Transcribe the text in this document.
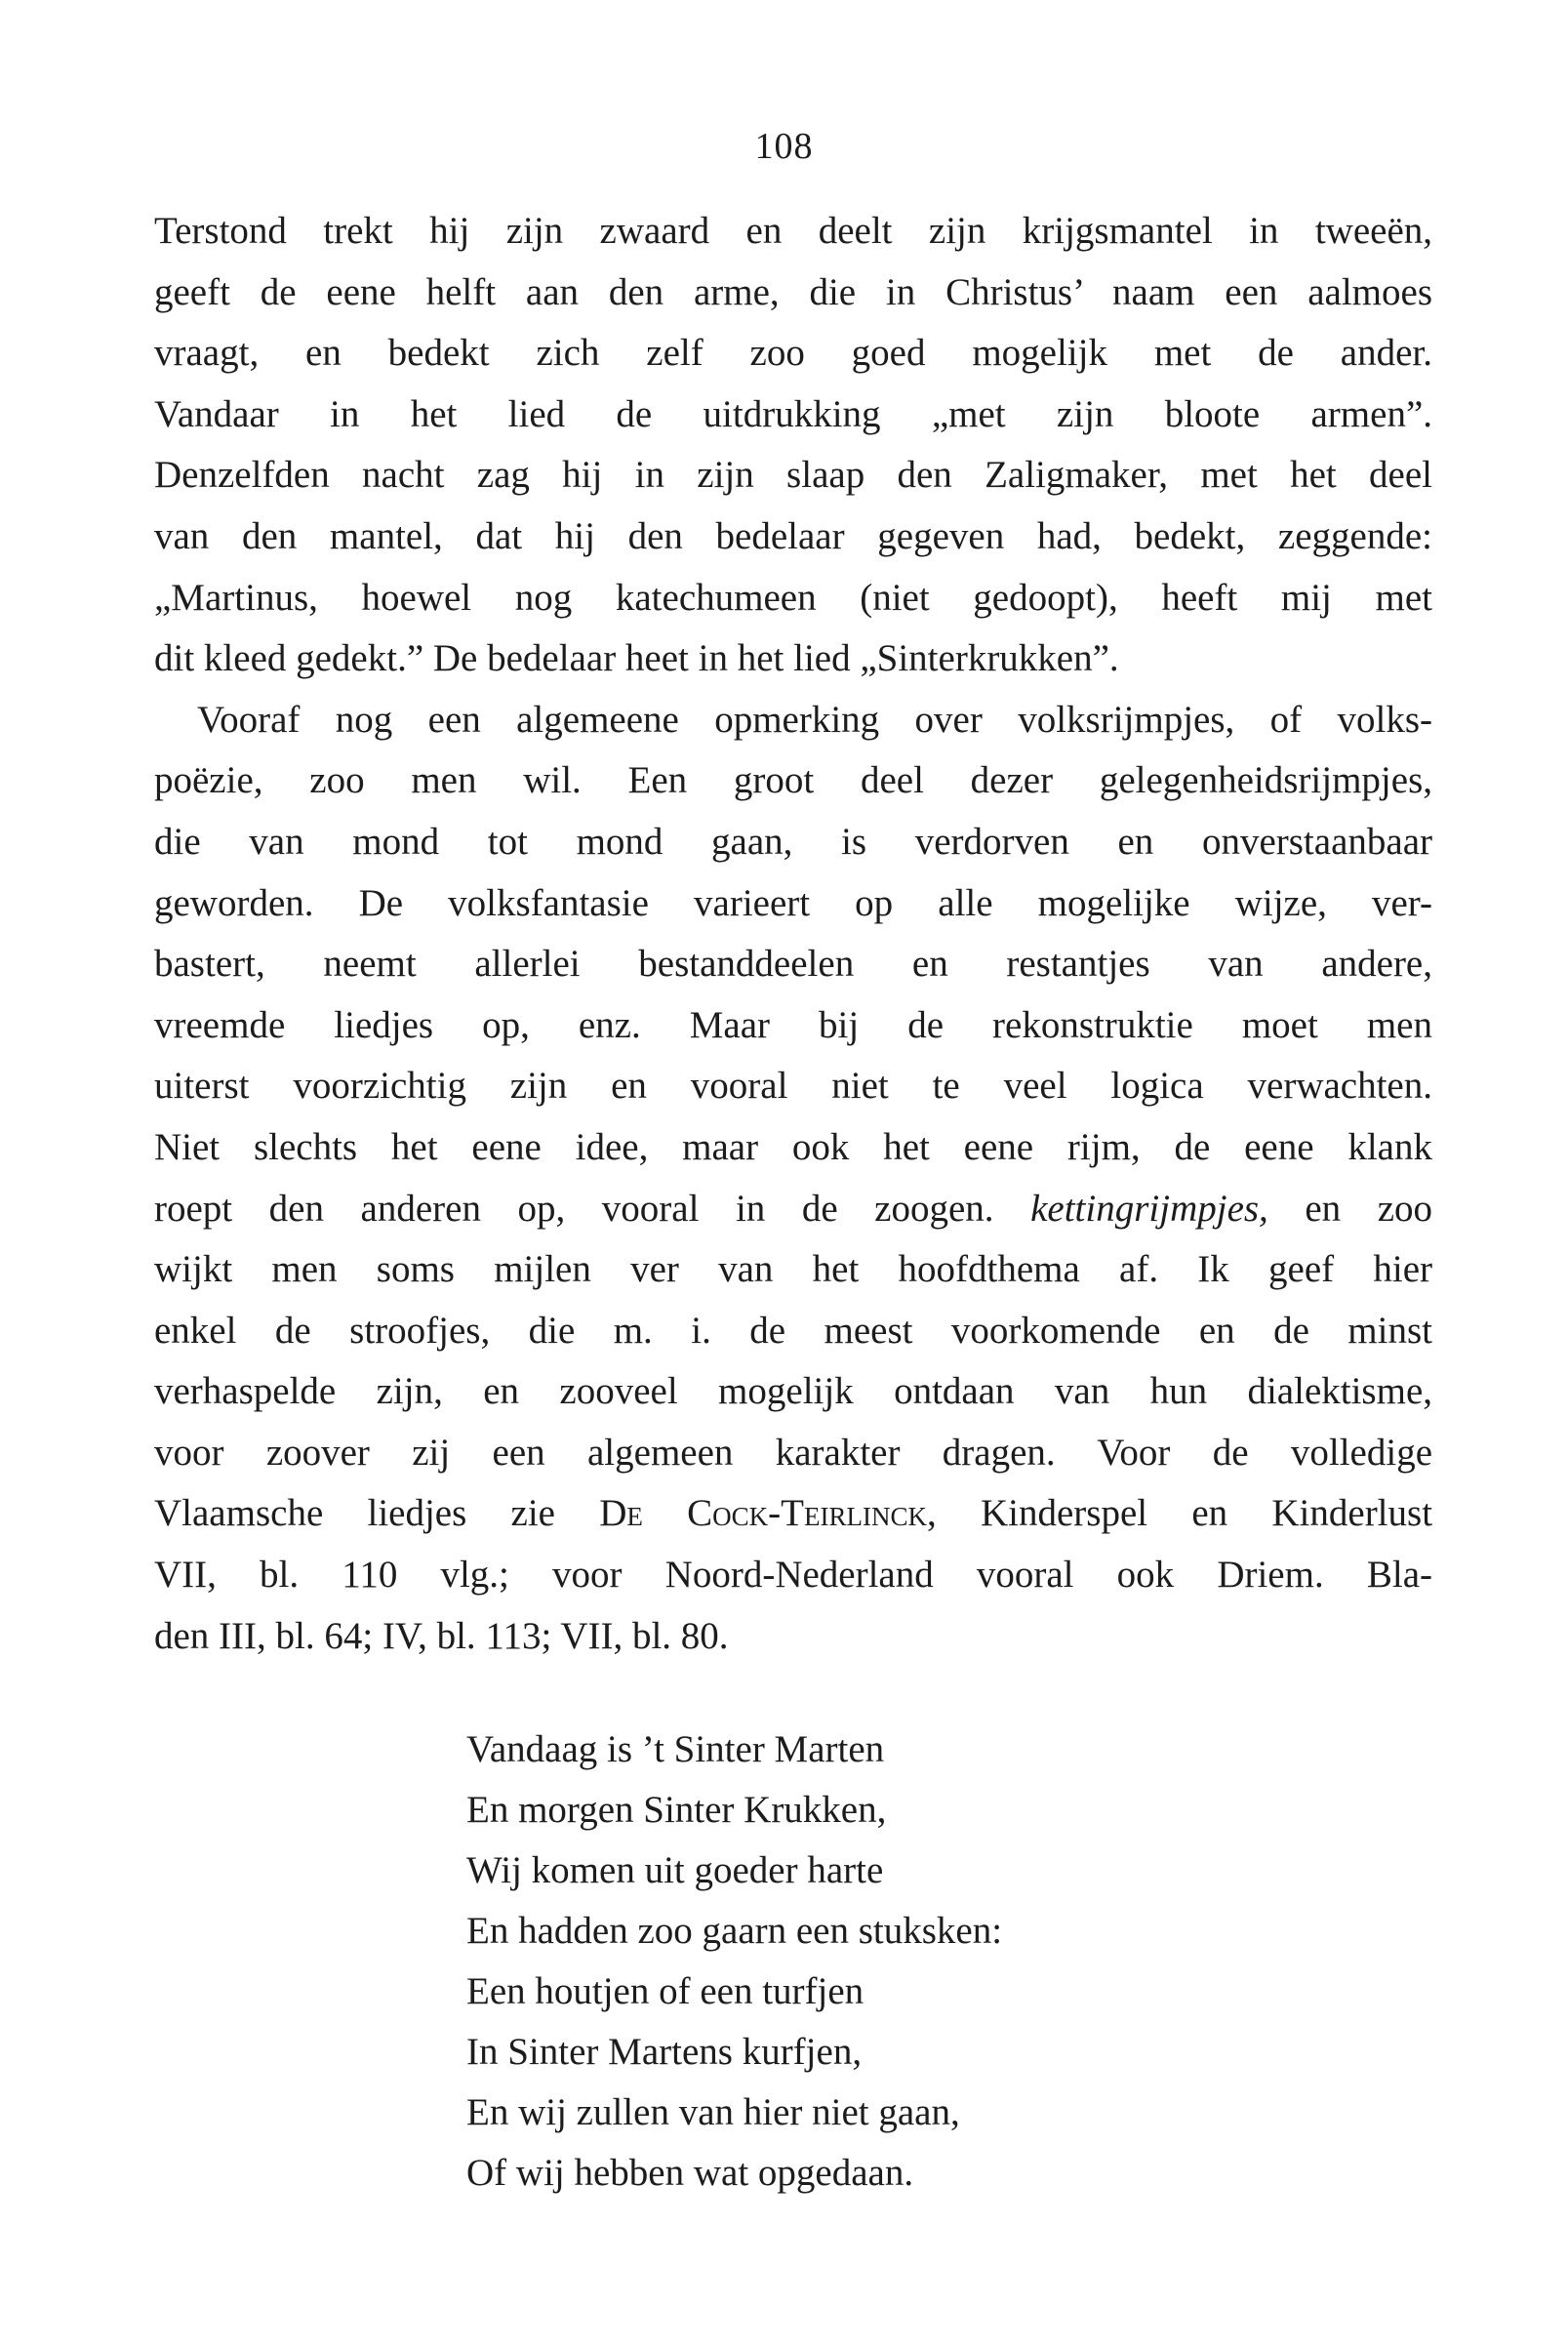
108
Terstond trekt hij zijn zwaard en deelt zijn krijgsmantel in tweeën,
geeft de eene helft aan den arme, die in Christus’ naam een aalmoes
vraagt, en bedekt zich zelf zoo goed mogelijk met de ander.
Vandaar in het lied de uitdrukking „met zijn bloote armen”.
Denzelfden nacht zag hij in zijn slaap den Zaligmaker, met het deel
van den mantel, dat hij den bedelaar gegeven had, bedekt, zeggende:
„Martinus, hoewel nog katechumeen (niet gedoopt), heeft mij met
dit kleed gedekt.” De bedelaar heet in het lied „Sinterkrukken”.
Vooraf nog een algemeene opmerking over volksrijmpjes, of volks-
poëzie, zoo men wil. Een groot deel dezer gelegenheidsrijmpjes,
die van mond tot mond gaan, is verdorven en onverstaanbaar
geworden. De volksfantasie varieert op alle mogelijke wijze, ver-
bastert, neemt allerlei bestanddeelen en restantjes van andere,
vreemde liedjes op, enz. Maar bij de rekonstruktie moet men
uiterst voorzichtig zijn en vooral niet te veel logica verwachten.
Niet slechts het eene idee, maar ook het eene rijm, de eene klank
roept den anderen op, vooral in de zoogen. kettingrijmpjes, en zoo
wijkt men soms mijlen ver van het hoofdthema af. Ik geef hier
enkel de stroofjes, die m. i. de meest voorkomende en de minst
verhaspelde zijn, en zooveel mogelijk ontdaan van hun dialektisme,
voor zoover zij een algemeen karakter dragen. Voor de volledige
Vlaamsche liedjes zie De Cock-Teirlinck, Kinderspel en Kinderlust
VII, bl. 110 vlg.; voor Noord-Nederland vooral ook Driem. Bla-
den III, bl. 64; IV, bl. 113; VII, bl. 80.
Vandaag is ’t Sinter Marten
En morgen Sinter Krukken,
Wij komen uit goeder harte
En hadden zoo gaarn een stuksken:
Een houtjen of een turfjen
In Sinter Martens kurfjen,
En wij zullen van hier niet gaan,
Of wij hebben wat opgedaan.
